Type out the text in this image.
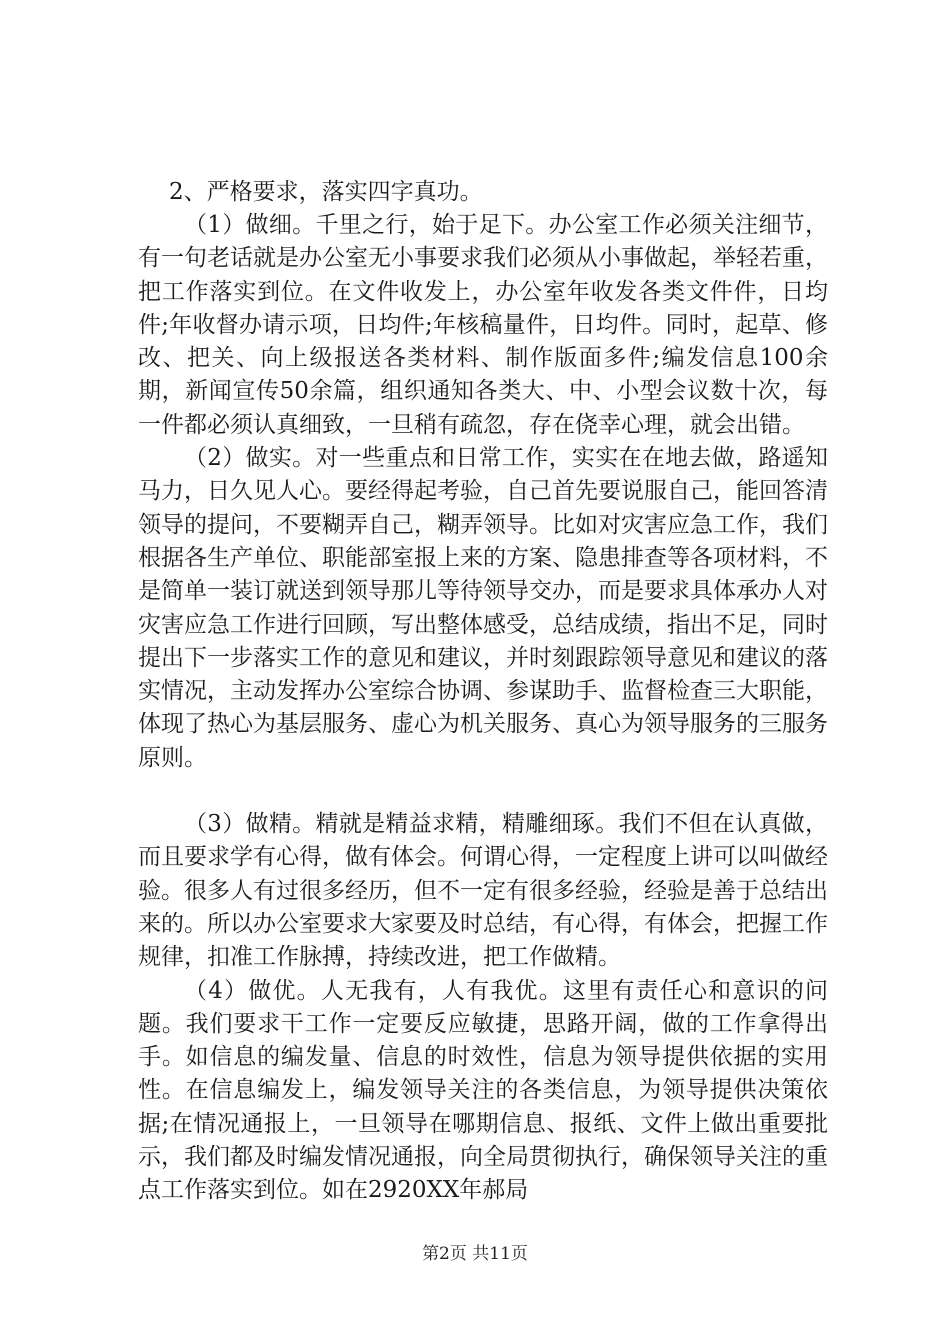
2、严格要求，落实四字真功。

（1）做细。千里之行，始于足下。办公室工作必须关注细节，有一句老话就是办公室无小事要求我们必须从小事做起，举轻若重，把工作落实到位。在文件收发上，办公室年收发各类文件件，日均件;年收督办请示项，日均件;年核稿量件，日均件。同时，起草、修改、把关、向上级报送各类材料、制作版面多件;编发信息100余期，新闻宣传50余篇，组织通知各类大、中、小型会议数十次，每一件都必须认真细致，一旦稍有疏忽，存在侥幸心理，就会出错。

（2）做实。对一些重点和日常工作，实实在在地去做，路遥知马力，日久见人心。要经得起考验，自己首先要说服自己，能回答清领导的提问，不要糊弄自己，糊弄领导。比如对灾害应急工作，我们根据各生产单位、职能部室报上来的方案、隐患排查等各项材料，不是简单一装订就送到领导那儿等待领导交办，而是要求具体承办人对灾害应急工作进行回顾，写出整体感受，总结成绩，指出不足，同时提出下一步落实工作的意见和建议，并时刻跟踪领导意见和建议的落实情况，主动发挥办公室综合协调、参谋助手、监督检查三大职能，体现了热心为基层服务、虚心为机关服务、真心为领导服务的三服务原则。

（3）做精。精就是精益求精，精雕细琢。我们不但在认真做，而且要求学有心得，做有体会。何谓心得，一定程度上讲可以叫做经验。很多人有过很多经历，但不一定有很多经验，经验是善于总结出来的。所以办公室要求大家要及时总结，有心得，有体会，把握工作规律，扣准工作脉搏，持续改进，把工作做精。

（4）做优。人无我有，人有我优。这里有责任心和意识的问题。我们要求干工作一定要反应敏捷，思路开阔，做的工作拿得出手。如信息的编发量、信息的时效性，信息为领导提供依据的实用性。在信息编发上，编发领导关注的各类信息，为领导提供决策依据;在情况通报上，一旦领导在哪期信息、报纸、文件上做出重要批示，我们都及时编发情况通报，向全局贯彻执行，确保领导关注的重点工作落实到位。如在2920XX年郝局

第2页 共11页
